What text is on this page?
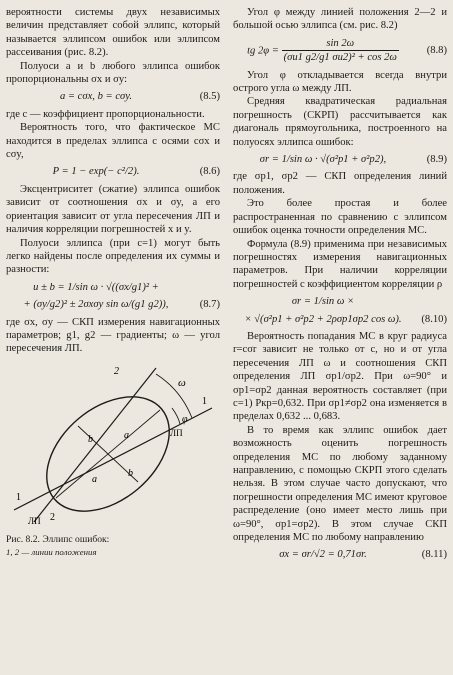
вероятности системы двух независимых величин представляет собой эллипс, который называется эллипсом ошибок или эллипсом рассеивания (рис. 8.2).

Полуоси a и b любого эллипса ошибок пропорциональны σx и σy:

a = cσx, b = cσy.	(8.5)

где c — коэффициент пропорциональности.

Вероятность того, что фактическое МС находится в пределах эллипса с осями cσx и cσy,

P = 1 − exp(− c²/2).	(8.6)

Эксцентриситет (сжатие) эллипса ошибок зависит от соотношения σx и σy, а его ориентация зависит от угла пересечения ЛП и наличия корреляции погрешностей x и y.

Полуоси эллипса (при c=1) могут быть легко найдены после определения их суммы и разности:

u ± b = 1/sin ω · √((σx/g1)² +
+ (σy/g2)² ± 2σxσy sin ω/(g1 g2)),	(8.7)

где σx, σy — СКП измерения навигационных параметров; g1, g2 — градиенты; ω — угол пересечения ЛП.

2
ω
φ
1
a
a
b
b
1
ЛП 2
ЛП
Рис. 8.2. Эллипс ошибок:
1, 2 — линии положения

Угол φ между линией положения 2—2 и большой осью эллипса (см. рис. 8.2)

tg $2\varphi = \frac{\sin 2\omega}{\text{(σu1 g2/g1 σu2)² + cos 2ω}}$	(8.8)

Угол φ откладывается всегда внутри острого угла ω между ЛП.

Средняя квадратическая радиальная погрешность (СКРП) рассчитывается как диагональ прямоугольника, построенного на полуосях эллипса ошибок:

σr = 1/sin ω · √(σ²p1 + σ²p2),	(8.9)

где σp1, σp2 — СКП определения линий положения.

Это более простая и более распространенная по сравнению с эллипсом ошибок оценка точности определения МС.

Формула (8.9) применима при независимых погрешностях измерения навигационных параметров. При наличии корреляции погрешностей с коэффициентом корреляции ρ

σr = 1/sin ω ×
× √(σ²p1 + σ²p2 + 2ρσp1σp2 cos ω).	(8.10)

Вероятность попадания МС в круг радиуса r=cσr зависит не только от c, но и от угла пересечения ЛП ω и соотношения СКП определения ЛП σp1/σp2. При ω=90° и σp1=σp2 данная вероятность составляет (при c=1) Pкр=0,632. При σp1≠σp2 она изменяется в пределах 0,632 ... 0,683.

В то время как эллипс ошибок дает возможность оценить погрешность определения МС по любому заданному направлению, с помощью СКРП этого сделать нельзя. В этом случае часто допускают, что погрешности определения МС имеют круговое распределение (оно имеет место лишь при ω=90°, σp1=σp2). В этом случае СКП определения МС по любому направлению

σx = σr/√2 = 0,71σr.	(8.11)
